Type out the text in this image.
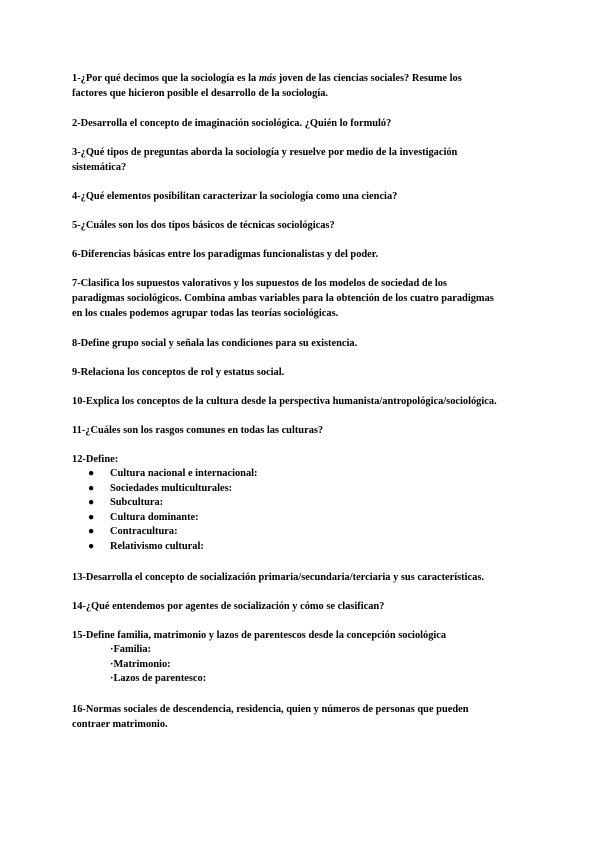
1-¿Por qué decimos que la sociología es la más joven de las ciencias sociales? Resume los
factores que hicieron posible el desarrollo de la sociología.
2-Desarrolla el concepto de imaginación sociológica. ¿Quién lo formuló?
3-¿Qué tipos de preguntas aborda la sociología y resuelve por medio de la investigación
sistemática?
4-¿Qué elementos posibilitan caracterizar la sociología como una ciencia?
5-¿Cuáles son los dos tipos básicos de técnicas sociológicas?
6-Diferencias básicas entre los paradigmas funcionalistas y del poder.
7-Clasifica los supuestos valorativos y los supuestos de los modelos de sociedad de los
paradigmas sociológicos. Combina ambas variables para la obtención de los cuatro paradigmas
en los cuales podemos agrupar todas las teorías sociológicas.
8-Define grupo social y señala las condiciones para su existencia.
9-Relaciona los conceptos de rol y estatus social.
10-Explica los conceptos de la cultura desde la perspectiva humanista/antropológica/sociológica.
11-¿Cuáles son los rasgos comunes en todas las culturas?
12-Define:
● Cultura nacional e internacional:
● Sociedades multiculturales:
● Subcultura:
● Cultura dominante:
● Contracultura:
● Relativismo cultural:
13-Desarrolla el concepto de socialización primaria/secundaria/terciaria y sus características.
14-¿Qué entendemos por agentes de socialización y cómo se clasifican?
15-Define familia, matrimonio y lazos de parentescos desde la concepción sociológica
·Familia:
·Matrimonio:
·Lazos de parentesco:
16-Normas sociales de descendencia, residencia, quien y números de personas que pueden
contraer matrimonio.
